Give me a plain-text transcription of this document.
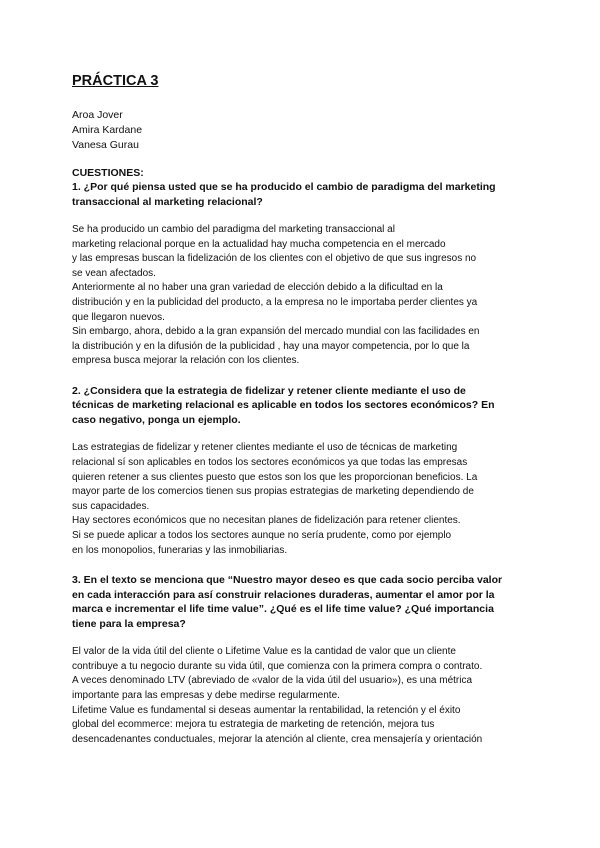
PRÁCTICA 3
Aroa Jover
Amira Kardane
Vanesa Gurau
CUESTIONES:
1. ¿Por qué piensa usted que se ha producido el cambio de paradigma del marketing
transaccional al marketing relacional?
Se ha producido un cambio del paradigma del marketing transaccional al
marketing relacional porque en la actualidad hay mucha competencia en el mercado
y las empresas buscan la fidelización de los clientes con el objetivo de que sus ingresos no
se vean afectados.
Anteriormente al no haber una gran variedad de elección debido a la dificultad en la
distribución y en la publicidad del producto, a la empresa no le importaba perder clientes ya
que llegaron nuevos.
Sin embargo, ahora, debido a la gran expansión del mercado mundial con las facilidades en
la distribución y en la difusión de la publicidad , hay una mayor competencia, por lo que la
empresa busca mejorar la relación con los clientes.
2. ¿Considera que la estrategia de fidelizar y retener cliente mediante el uso de
técnicas de marketing relacional es aplicable en todos los sectores económicos? En
caso negativo, ponga un ejemplo.
Las estrategias de fidelizar y retener clientes mediante el uso de técnicas de marketing
relacional sí son aplicables en todos los sectores económicos ya que todas las empresas
quieren retener a sus clientes puesto que estos son los que les proporcionan beneficios. La
mayor parte de los comercios tienen sus propias estrategias de marketing dependiendo de
sus capacidades.
Hay sectores económicos que no necesitan planes de fidelización para retener clientes.
Si se puede aplicar a todos los sectores aunque no sería prudente, como por ejemplo
en los monopolios, funerarias y las inmobiliarias.
3. En el texto se menciona que “Nuestro mayor deseo es que cada socio perciba valor
en cada interacción para así construir relaciones duraderas, aumentar el amor por la
marca e incrementar el life time value”. ¿Qué es el life time value? ¿Qué importancia
tiene para la empresa?
El valor de la vida útil del cliente o Lifetime Value es la cantidad de valor que un cliente
contribuye a tu negocio durante su vida útil, que comienza con la primera compra o contrato.
A veces denominado LTV (abreviado de «valor de la vida útil del usuario»), es una métrica
importante para las empresas y debe medirse regularmente.
Lifetime Value es fundamental si deseas aumentar la rentabilidad, la retención y el éxito
global del ecommerce: mejora tu estrategia de marketing de retención, mejora tus
desencadenantes conductuales, mejorar la atención al cliente, crea mensajería y orientación
